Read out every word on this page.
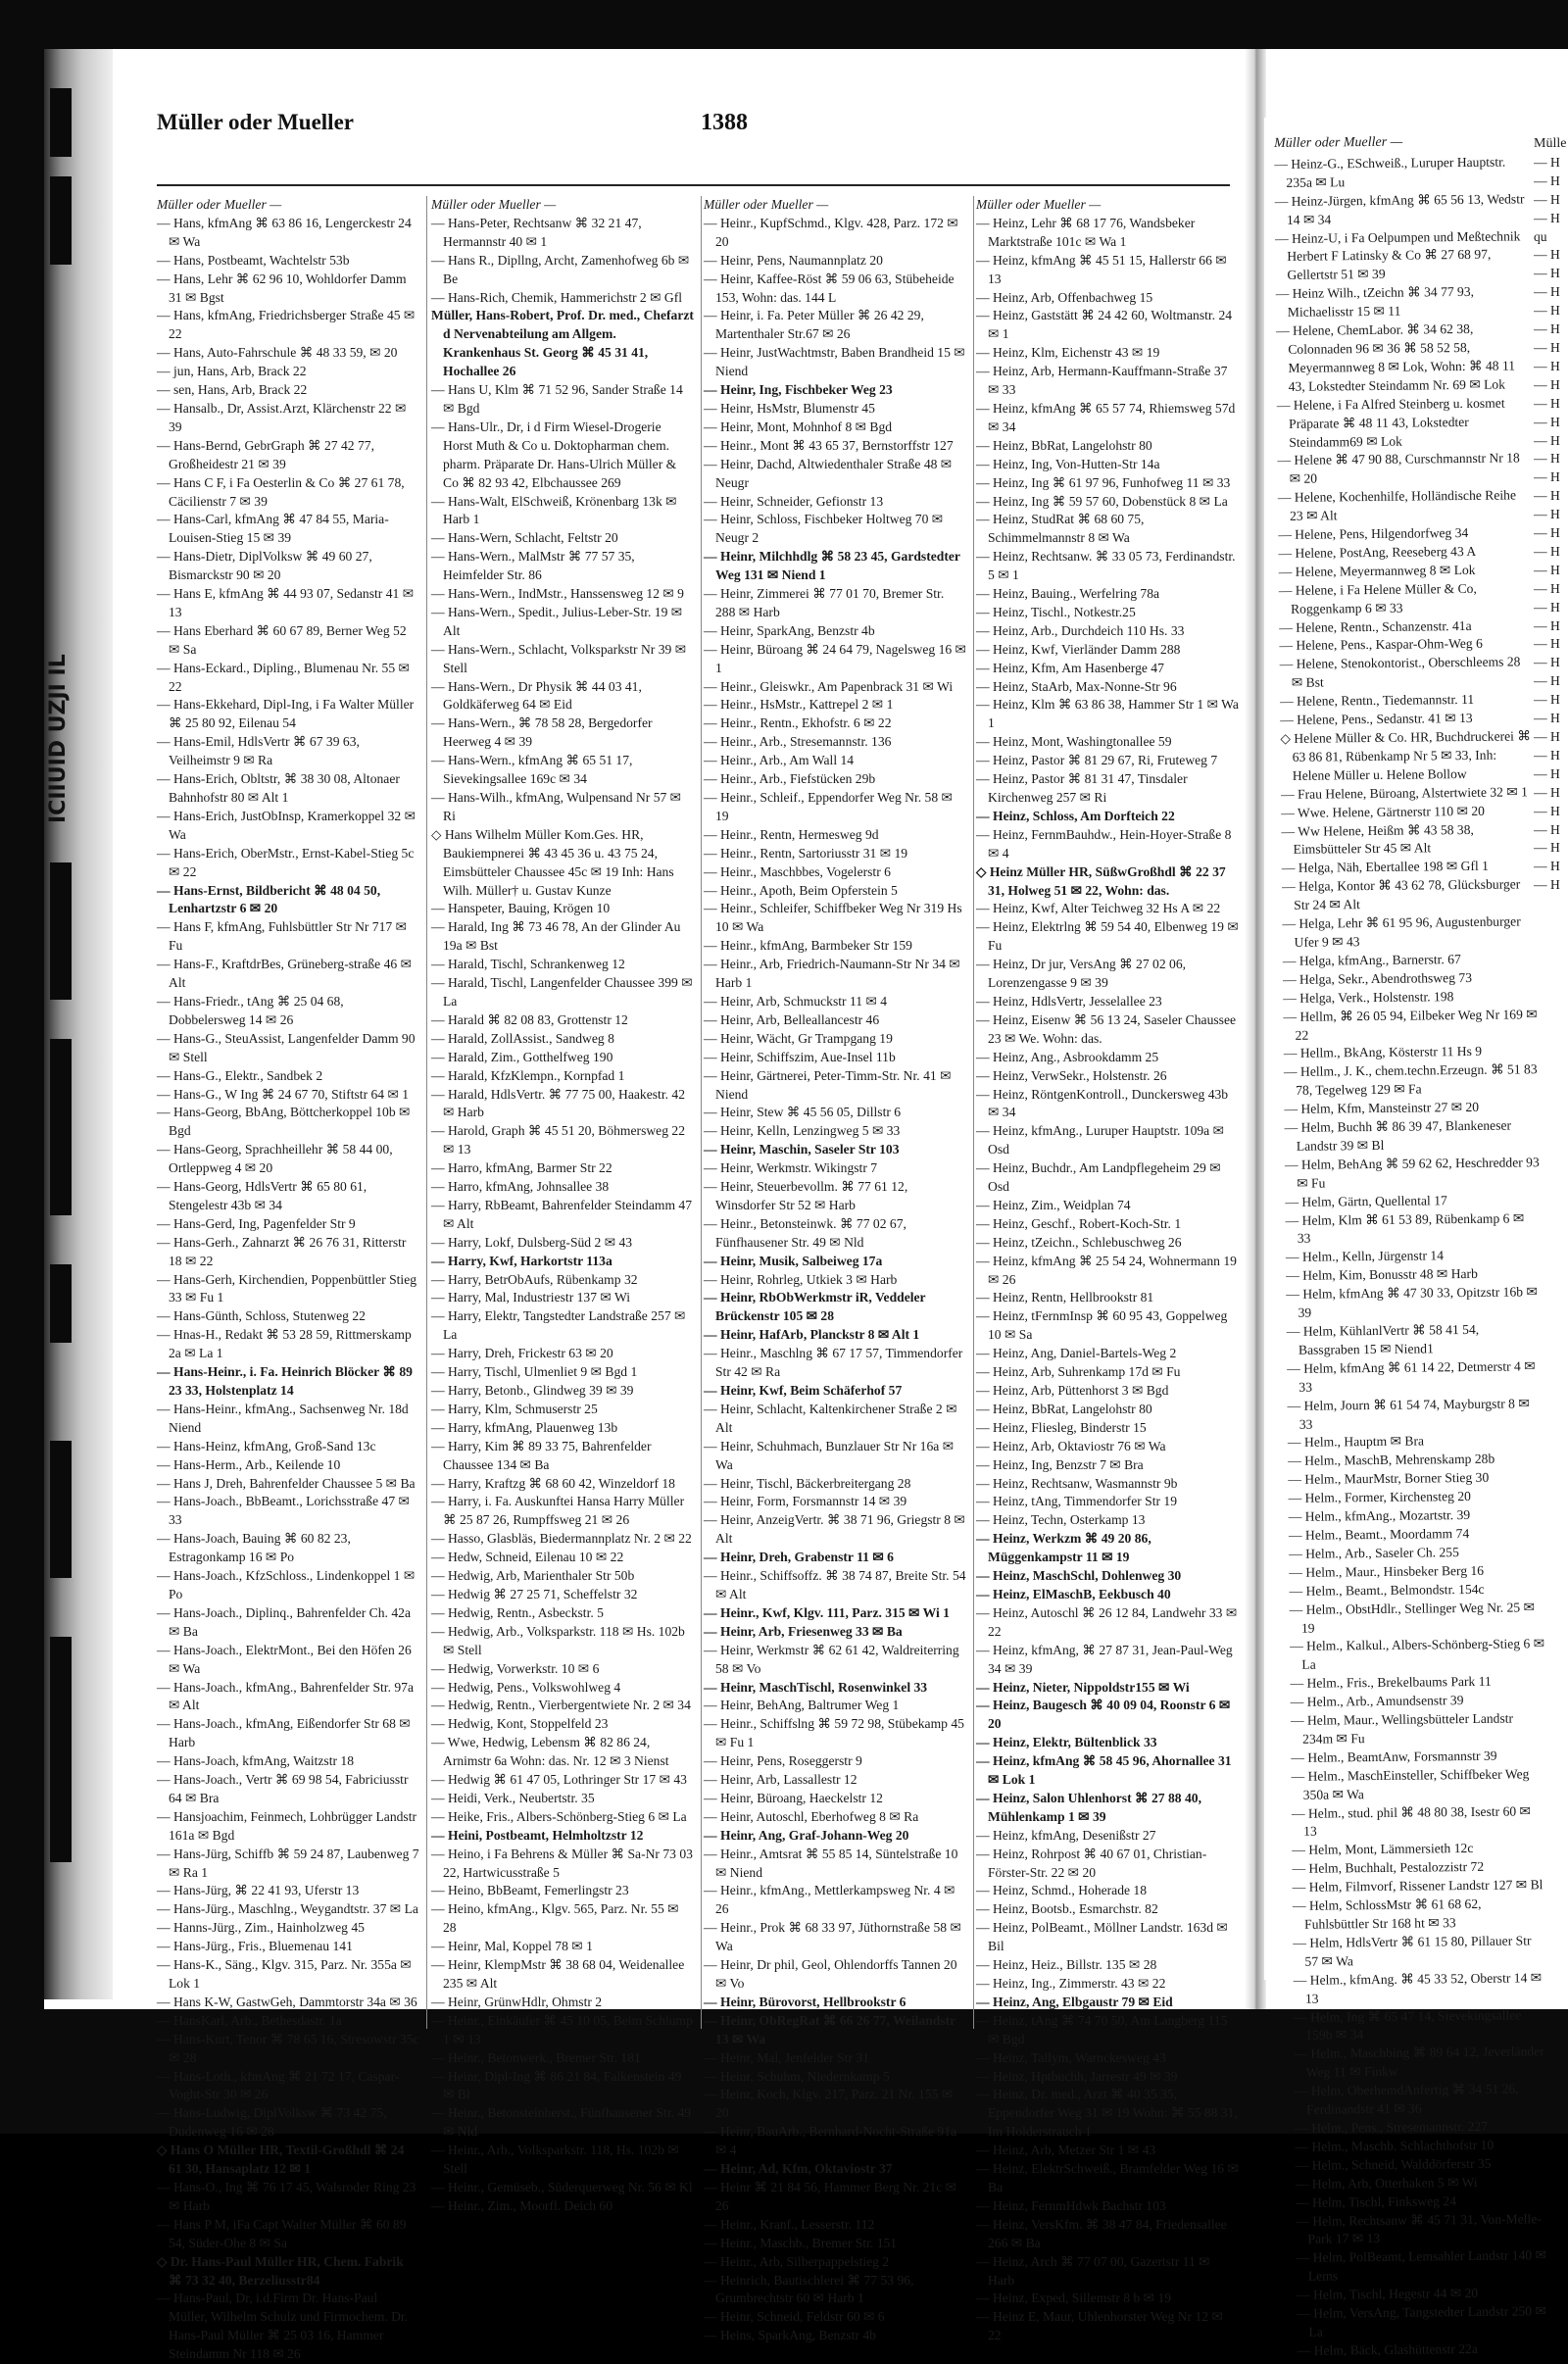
ICIIUID UZJI IL
Müller oder Mueller	1388
Müller oder Mueller —
— Hans, kfmAng ⌘ 63 86 16, Lengerckestr 24 ✉ Wa
— Hans, Postbeamt, Wachtelstr 53b
— Hans, Lehr ⌘ 62 96 10, Wohldorfer Damm 31 ✉ Bgst
— Hans, kfmAng, Friedrichsberger Straße 45 ✉ 22
— Hans, Auto-Fahrschule ⌘ 48 33 59, ✉ 20
— jun, Hans, Arb, Brack 22
— sen, Hans, Arb, Brack 22
— Hansalb., Dr, Assist.Arzt, Klärchenstr 22 ✉ 39
— Hans-Bernd, GebrGraph ⌘ 27 42 77, Großheidestr 21 ✉ 39
— Hans C F, i Fa Oesterlin & Co ⌘ 27 61 78, Cäcilienstr 7 ✉ 39
— Hans-Carl, kfmAng ⌘ 47 84 55, Maria-Louisen-Stieg 15 ✉ 39
— Hans-Dietr, DiplVolksw ⌘ 49 60 27, Bismarckstr 90 ✉ 20
— Hans E, kfmAng ⌘ 44 93 07, Sedanstr 41 ✉ 13
— Hans Eberhard ⌘ 60 67 89, Berner Weg 52 ✉ Sa
— Hans-Eckard., Dipling., Blumenau Nr. 55 ✉ 22
— Hans-Ekkehard, Dipl-Ing, i Fa Walter Müller ⌘ 25 80 92, Eilenau 54
— Hans-Emil, HdlsVertr ⌘ 67 39 63, Veilheimstr 9 ✉ Ra
— Hans-Erich, Obltstr, ⌘ 38 30 08, Altonaer Bahnhofstr 80 ✉ Alt 1
— Hans-Erich, JustObInsp, Kramerkoppel 32 ✉ Wa
— Hans-Erich, OberMstr., Ernst-Kabel-Stieg 5c ✉ 22
— Hans-Ernst, Bildbericht ⌘ 48 04 50, Lenhartzstr 6 ✉ 20
— Hans F, kfmAng, Fuhlsbüttler Str Nr 717 ✉ Fu
— Hans-F., KraftdrBes, Grüneberg-straße 46 ✉ Alt
— Hans-Friedr., tAng ⌘ 25 04 68, Dobbelersweg 14 ✉ 26
— Hans-G., SteuAssist, Langenfelder Damm 90 ✉ Stell
— Hans-G., Elektr., Sandbek 2
— Hans-G., W Ing ⌘ 24 67 70, Stiftstr 64 ✉ 1
— Hans-Georg, BbAng, Böttcherkoppel 10b ✉ Bgd
— Hans-Georg, Sprachheillehr ⌘ 58 44 00, Ortleppweg 4 ✉ 20
— Hans-Georg, HdlsVertr ⌘ 65 80 61, Stengelestr 43b ✉ 34
— Hans-Gerd, Ing, Pagenfelder Str 9
— Hans-Gerh., Zahnarzt ⌘ 26 76 31, Ritterstr 18 ✉ 22
— Hans-Gerh, Kirchendien, Poppenbüttler Stieg 33 ✉ Fu 1
— Hans-Günth, Schloss, Stutenweg 22
— Hnas-H., Redakt ⌘ 53 28 59, Rittmerskamp 2a ✉ La 1
— Hans-Heinr., i. Fa. Heinrich Blöcker ⌘ 89 23 33, Holstenplatz 14
— Hans-Heinr., kfmAng., Sachsenweg Nr. 18d Niend
— Hans-Heinz, kfmAng, Groß-Sand 13c
— Hans-Herm., Arb., Keilende 10
— Hans J, Dreh, Bahrenfelder Chaussee 5 ✉ Ba
— Hans-Joach., BbBeamt., Lorichsstraße 47 ✉ 33
— Hans-Joach, Bauing ⌘ 60 82 23, Estragonkamp 16 ✉ Po
— Hans-Joach., KfzSchloss., Lindenkoppel 1 ✉ Po
— Hans-Joach., Diplinq., Bahrenfelder Ch. 42a ✉ Ba
— Hans-Joach., ElektrMont., Bei den Höfen 26 ✉ Wa
— Hans-Joach., kfmAng., Bahrenfelder Str. 97a ✉ Alt
— Hans-Joach., kfmAng, Eißendorfer Str 68 ✉ Harb
— Hans-Joach, kfmAng, Waitzstr 18
— Hans-Joach., Vertr ⌘ 69 98 54, Fabriciusstr 64 ✉ Bra
— Hansjoachim, Feinmech, Lohbrügger Landstr 161a ✉ Bgd
— Hans-Jürg, Schiffb ⌘ 59 24 87, Laubenweg 7 ✉ Ra 1
— Hans-Jürg, ⌘ 22 41 93, Uferstr 13
— Hans-Jürg., Maschlng., Weygandtstr. 37 ✉ La
— Hanns-Jürg., Zim., Hainholzweg 45
— Hans-Jürg., Fris., Bluemenau 141
— Hans-K., Säng., Klgv. 315, Parz. Nr. 355a ✉ Lok 1
— Hans K-W, GastwGeh, Dammtorstr 34a ✉ 36
— HansKarl, Arb., Bethesdastr. 1a
— Hans-Kurt, Tenor ⌘ 78 65 16, Stresowstr 35c ✉ 28
— Hans-Loth., kfmAng ⌘ 21 72 17, Caspar-Voght-Str 30 ✉ 26
— Hans-Ludwig, DiplVolksw ⌘ 73 42 75, Dudenweg 16 ✉ 28
◇ Hans O Müller HR, Textil-Großhdl ⌘ 24 61 30, Hansaplatz 12 ✉ 1
— Hans-O., Ing ⌘ 76 17 45, Walsroder Ring 23 ✉ Harb
— Hans P M, iFa Capt Walter Müller ⌘ 60 89 54, Süder-Ohe 8 ✉ Sa
◇ Dr. Hans-Paul Müller HR, Chem. Fabrik ⌘ 73 32 40, Berzeliusstr84
— Hans-Paul, Dr, i.d.Firm Dr. Hans-Paul Müller, Wilhelm Schulz und Firmochem. Dr. Hans-Paul Müller ⌘ 25 03 16, Hammer Steindamm Nr 118 ✉ 26
Müller oder Mueller —
— Hans-Peter, Rechtsanw ⌘ 32 21 47, Hermannstr 40 ✉ 1
— Hans R., Dipllng, Archt, Zamenhofweg 6b ✉ Be
— Hans-Rich, Chemik, Hammerichstr 2 ✉ Gfl
Müller, Hans-Robert, Prof. Dr. med., Chefarzt d Nervenabteilung am Allgem. Krankenhaus St. Georg ⌘ 45 31 41, Hochallee 26
— Hans U, Klm ⌘ 71 52 96, Sander Straße 14 ✉ Bgd
— Hans-Ulr., Dr, i d Firm Wiesel-Drogerie Horst Muth & Co u. Doktopharman chem. pharm. Präparate Dr. Hans-Ulrich Müller & Co ⌘ 82 93 42, Elbchaussee 269
— Hans-Walt, ElSchweiß, Krönenbarg 13k ✉ Harb 1
— Hans-Wern, Schlacht, Feltstr 20
— Hans-Wern., MalMstr ⌘ 77 57 35, Heimfelder Str. 86
— Hans-Wern., IndMstr., Hanssensweg 12 ✉ 9
— Hans-Wern., Spedit., Julius-Leber-Str. 19 ✉ Alt
— Hans-Wern., Schlacht, Volksparkstr Nr 39 ✉ Stell
— Hans-Wern., Dr Physik ⌘ 44 03 41, Goldkäferweg 64 ✉ Eid
— Hans-Wern., ⌘ 78 58 28, Bergedorfer Heerweg 4 ✉ 39
— Hans-Wern., kfmAng ⌘ 65 51 17, Sievekingsallee 169c ✉ 34
— Hans-Wilh., kfmAng, Wulpensand Nr 57 ✉ Ri
◇ Hans Wilhelm Müller Kom.Ges. HR, Baukiempnerei ⌘ 43 45 36 u. 43 75 24, Eimsbütteler Chaussee 45c ✉ 19 Inh: Hans Wilh. Müller† u. Gustav Kunze
— Hanspeter, Bauing, Krögen 10
— Harald, Ing ⌘ 73 46 78, An der Glinder Au 19a ✉ Bst
— Harald, Tischl, Schrankenweg 12
— Harald, Tischl, Langenfelder Chaussee 399 ✉ La
— Harald ⌘ 82 08 83, Grottenstr 12
— Harald, ZollAssist., Sandweg 8
— Harald, Zim., Gotthelfweg 190
— Harald, KfzKlempn., Kornpfad 1
— Harald, HdlsVertr. ⌘ 77 75 00, Haakestr. 42 ✉ Harb
— Harold, Graph ⌘ 45 51 20, Böhmersweg 22 ✉ 13
— Harro, kfmAng, Barmer Str 22
— Harro, kfmAng, Johnsallee 38
— Harry, RbBeamt, Bahrenfelder Steindamm 47 ✉ Alt
— Harry, Lokf, Dulsberg-Süd 2 ✉ 43
— Harry, Kwf, Harkortstr 113a
— Harry, BetrObAufs, Rübenkamp 32
— Harry, Mal, Industriestr 137 ✉ Wi
— Harry, Elektr, Tangstedter Landstraße 257 ✉ La
— Harry, Dreh, Frickestr 63 ✉ 20
— Harry, Tischl, Ulmenliet 9 ✉ Bgd 1
— Harry, Betonb., Glindweg 39 ✉ 39
— Harry, Klm, Schmuserstr 25
— Harry, kfmAng, Plauenweg 13b
— Harry, Kim ⌘ 89 33 75, Bahrenfelder Chaussee 134 ✉ Ba
— Harry, Kraftzg ⌘ 68 60 42, Winzeldorf 18
— Harry, i. Fa. Auskunftei Hansa Harry Müller ⌘ 25 87 26, Rumpffsweg 21 ✉ 26
— Hasso, Glasbläs, Biedermannplatz Nr. 2 ✉ 22
— Hedw, Schneid, Eilenau 10 ✉ 22
— Hedwig, Arb, Marienthaler Str 50b
— Hedwig ⌘ 27 25 71, Scheffelstr 32
— Hedwig, Rentn., Asbeckstr. 5
— Hedwig, Arb., Volksparkstr. 118 ✉ Hs. 102b ✉ Stell
— Hedwig, Vorwerkstr. 10 ✉ 6
— Hedwig, Pens., Volkswohlweg 4
— Hedwig, Rentn., Vierbergentwiete Nr. 2 ✉ 34
— Hedwig, Kont, Stoppelfeld 23
— Wwe, Hedwig, Lebensm ⌘ 82 86 24, Arnimstr 6a Wohn: das. Nr. 12 ✉ 3 Nienst
— Hedwig ⌘ 61 47 05, Lothringer Str 17 ✉ 43
— Heidi, Verk., Neubertstr. 35
— Heike, Fris., Albers-Schönberg-Stieg 6 ✉ La
— Heini, Postbeamt, Helmholtzstr 12
— Heino, i Fa Behrens & Müller ⌘ Sa-Nr 73 03 22, Hartwicusstraße 5
— Heino, BbBeamt, Femerlingstr 23
— Heino, kfmAng., Klgv. 565, Parz. Nr. 55 ✉ 28
— Heinr, Mal, Koppel 78 ✉ 1
— Heinr, KlempMstr ⌘ 38 68 04, Weidenallee 235 ✉ Alt
— Heinr, GrünwHdlr, Ohmstr 2
— Heinr., Einkäufer ⌘ 45 10 05, Beim Schlump 1 ✉ 13
— Heinr., Betonwerk., Bremer Str. 181
— Heinr, Dipl-Ing ⌘ 86 21 84, Falkenstein 49 ✉ Bl
— Heinr., Betonsteinherst., Fünfhausener Str. 49 ✉ Nld
— Heinr., Arb., Volksparkstr. 118, Hs. 102b ✉ Stell
— Heinr., Gemüseb., Süderquerweg Nr. 56 ✉ Kl
— Heinr., Zim., Moorfl. Deich 60
Müller oder Mueller —
— Heinr., KupfSchmd., Klgv. 428, Parz. 172 ✉ 20
— Heinr, Pens, Naumannplatz 20
— Heinr, Kaffee-Röst ⌘ 59 06 63, Stübeheide 153, Wohn: das. 144 L
— Heinr, i. Fa. Peter Müller ⌘ 26 42 29, Martenthaler Str.67 ✉ 26
— Heinr, JustWachtmstr, Baben Brandheid 15 ✉ Niend
— Heinr, Ing, Fischbeker Weg 23
— Heinr, HsMstr, Blumenstr 45
— Heinr, Mont, Mohnhof 8 ✉ Bgd
— Heinr., Mont ⌘ 43 65 37, Bernstorffstr 127
— Heinr, Dachd, Altwiedenthaler Straße 48 ✉ Neugr
— Heinr, Schneider, Gefionstr 13
— Heinr, Schloss, Fischbeker Holtweg 70 ✉ Neugr 2
— Heinr, Milchhdlg ⌘ 58 23 45, Gardstedter Weg 131 ✉ Niend 1
— Heinr, Zimmerei ⌘ 77 01 70, Bremer Str. 288 ✉ Harb
— Heinr, SparkAng, Benzstr 4b
— Heinr, Büroang ⌘ 24 64 79, Nagelsweg 16 ✉ 1
— Heinr., Gleiswkr., Am Papenbrack 31 ✉ Wi
— Heinr., HsMstr., Kattrepel 2 ✉ 1
— Heinr., Rentn., Ekhofstr. 6 ✉ 22
— Heinr., Arb., Stresemannstr. 136
— Heinr., Arb., Am Wall 14
— Heinr., Arb., Fiefstücken 29b
— Heinr., Schleif., Eppendorfer Weg Nr. 58 ✉ 19
— Heinr., Rentn, Hermesweg 9d
— Heinr., Rentn, Sartoriusstr 31 ✉ 19
— Heinr., Maschbbes, Vogelerstr 6
— Heinr., Apoth, Beim Opferstein 5
— Heinr., Schleifer, Schiffbeker Weg Nr 319 Hs 10 ✉ Wa
— Heinr., kfmAng, Barmbeker Str 159
— Heinr., Arb, Friedrich-Naumann-Str Nr 34 ✉ Harb 1
— Heinr, Arb, Schmuckstr 11 ✉ 4
— Heinr, Arb, Belleallancestr 46
— Heinr, Wächt, Gr Trampgang 19
— Heinr, Schiffszim, Aue-Insel 11b
— Heinr, Gärtnerei, Peter-Timm-Str. Nr. 41 ✉ Niend
— Heinr, Stew ⌘ 45 56 05, Dillstr 6
— Heinr, Kelln, Lenzingweg 5 ✉ 33
— Heinr, Maschin, Saseler Str 103
— Heinr, Werkmstr. Wikingstr 7
— Heinr, Steuerbevollm. ⌘ 77 61 12, Winsdorfer Str 52 ✉ Harb
— Heinr., Betonsteinwk. ⌘ 77 02 67, Fünfhausener Str. 49 ✉ Nld
— Heinr, Musik, Salbeiweg 17a
— Heinr, Rohrleg, Utkiek 3 ✉ Harb
— Heinr, RbObWerkmstr iR, Veddeler Brückenstr 105 ✉ 28
— Heinr, HafArb, Planckstr 8 ✉ Alt 1
— Heinr., Maschlng ⌘ 67 17 57, Timmendorfer Str 42 ✉ Ra
— Heinr, Kwf, Beim Schäferhof 57
— Heinr, Schlacht, Kaltenkirchener Straße 2 ✉ Alt
— Heinr, Schuhmach, Bunzlauer Str Nr 16a ✉ Wa
— Heinr, Tischl, Bäckerbreitergang 28
— Heinr, Form, Forsmannstr 14 ✉ 39
— Heinr, AnzeigVertr. ⌘ 38 71 96, Griegstr 8 ✉ Alt
— Heinr, Dreh, Grabenstr 11 ✉ 6
— Heinr., Schiffsoffz. ⌘ 38 74 87, Breite Str. 54 ✉ Alt
— Heinr., Kwf, Klgv. 111, Parz. 315 ✉ Wi 1
— Heinr, Arb, Friesenweg 33 ✉ Ba
— Heinr, Werkmstr ⌘ 62 61 42, Waldreiterring 58 ✉ Vo
— Heinr, MaschTischl, Rosenwinkel 33
— Heinr, BehAng, Baltrumer Weg 1
— Heinr., Schiffslng ⌘ 59 72 98, Stübekamp 45 ✉ Fu 1
— Heinr, Pens, Roseggerstr 9
— Heinr, Arb, Lassallestr 12
— Heinr, Büroang, Haeckelstr 12
— Heinr, Autoschl, Eberhofweg 8 ✉ Ra
— Heinr, Ang, Graf-Johann-Weg 20
— Heinr., Amtsrat ⌘ 55 85 14, Süntelstraße 10 ✉ Niend
— Heinr., kfmAng., Mettlerkampsweg Nr. 4 ✉ 26
— Heinr., Prok ⌘ 68 33 97, Jüthornstraße 58 ✉ Wa
— Heinr, Dr phil, Geol, Ohlendorffs Tannen 20 ✉ Vo
— Heinr, Bürovorst, Hellbrookstr 6
— Heinr, ObRegRat ⌘ 66 26 77, Weilandstr 13 ✉ Wa
— Heinr, Mal, Jenfelder Str 31
— Heinr, Schuhm, Niedernkamp 5
— Heinr, Koch, Klgv. 217, Parz. 21 Nr. 155 ✉ 20
— Heinr, BauArb., Bernhard-Nocht-Straße 91a ✉ 4
— Heinr, Ad, Kfm, Oktaviostr 37
— Heinr ⌘ 21 84 56, Hammer Berg Nr. 21c ✉ 26
— Heinr., Kranf., Lesserstr. 112
— Heinr., Maschb., Bremer Str. 151
— Heinr., Arb, Silberpappelstieg 2
— Heinrich, Bautischlerei ⌘ 77 53 96, Grumbrechtstr 60 ✉ Harb 1
— Heinr, Schneid, Feldstr 60 ✉ 6
— Heins, SparkAng, Benzstr 4b
Müller oder Mueller —
— Heinz, Lehr ⌘ 68 17 76, Wandsbeker Marktstraße 101c ✉ Wa 1
— Heinz, kfmAng ⌘ 45 51 15, Hallerstr 66 ✉ 13
— Heinz, Arb, Offenbachweg 15
— Heinz, Gaststätt ⌘ 24 42 60, Woltmanstr. 24 ✉ 1
— Heinz, Klm, Eichenstr 43 ✉ 19
— Heinz, Arb, Hermann-Kauffmann-Straße 37 ✉ 33
— Heinz, kfmAng ⌘ 65 57 74, Rhiemsweg 57d ✉ 34
— Heinz, BbRat, Langelohstr 80
— Heinz, Ing, Von-Hutten-Str 14a
— Heinz, Ing ⌘ 61 97 96, Funhofweg 11 ✉ 33
— Heinz, Ing ⌘ 59 57 60, Dobenstück 8 ✉ La
— Heinz, StudRat ⌘ 68 60 75, Schimmelmannstr 8 ✉ Wa
— Heinz, Rechtsanw. ⌘ 33 05 73, Ferdinandstr. 5 ✉ 1
— Heinz, Bauing., Werfelring 78a
— Heinz, Tischl., Notkestr.25
— Heinz, Arb., Durchdeich 110 Hs. 33
— Heinz, Kwf, Vierländer Damm 288
— Heinz, Kfm, Am Hasenberge 47
— Heinz, StaArb, Max-Nonne-Str 96
— Heinz, Klm ⌘ 63 86 38, Hammer Str 1 ✉ Wa 1
— Heinz, Mont, Washingtonallee 59
— Heinz, Pastor ⌘ 81 29 67, Ri, Fruteweg 7
— Heinz, Pastor ⌘ 81 31 47, Tinsdaler Kirchenweg 257 ✉ Ri
— Heinz, Schloss, Am Dorfteich 22
— Heinz, FernmBauhdw., Hein-Hoyer-Straße 8 ✉ 4
◇ Heinz Müller HR, SüßwGroßhdl ⌘ 22 37 31, Holweg 51 ✉ 22, Wohn: das.
— Heinz, Kwf, Alter Teichweg 32 Hs A ✉ 22
— Heinz, Elektrlng ⌘ 59 54 40, Elbenweg 19 ✉ Fu
— Heinz, Dr jur, VersAng ⌘ 27 02 06, Lorenzengasse 9 ✉ 39
— Heinz, HdlsVertr, Jesselallee 23
— Heinz, Eisenw ⌘ 56 13 24, Saseler Chaussee 23 ✉ We. Wohn: das.
— Heinz, Ang., Asbrookdamm 25
— Heinz, VerwSekr., Holstenstr. 26
— Heinz, RöntgenKontroll., Dunckersweg 43b ✉ 34
— Heinz, kfmAng., Luruper Hauptstr. 109a ✉ Osd
— Heinz, Buchdr., Am Landpflegeheim 29 ✉ Osd
— Heinz, Zim., Weidplan 74
— Heinz, Geschf., Robert-Koch-Str. 1
— Heinz, tZeichn., Schlebuschweg 26
— Heinz, kfmAng ⌘ 25 54 24, Wohnermann 19 ✉ 26
— Heinz, Rentn, Hellbrookstr 81
— Heinz, tFernmInsp ⌘ 60 95 43, Goppelweg 10 ✉ Sa
— Heinz, Ang, Daniel-Bartels-Weg 2
— Heinz, Arb, Suhrenkamp 17d ✉ Fu
— Heinz, Arb, Püttenhorst 3 ✉ Bgd
— Heinz, BbRat, Langelohstr 80
— Heinz, Fliesleg, Binderstr 15
— Heinz, Arb, Oktaviostr 76 ✉ Wa
— Heinz, Ing, Benzstr 7 ✉ Bra
— Heinz, Rechtsanw, Wasmannstr 9b
— Heinz, tAng, Timmendorfer Str 19
— Heinz, Techn, Osterkamp 13
— Heinz, Werkzm ⌘ 49 20 86, Müggenkampstr 11 ✉ 19
— Heinz, MaschSchl, Dohlenweg 30
— Heinz, ElMaschB, Eekbusch 40
— Heinz, Autoschl ⌘ 26 12 84, Landwehr 33 ✉ 22
— Heinz, kfmAng, ⌘ 27 87 31, Jean-Paul-Weg 34 ✉ 39
— Heinz, Nieter, Nippoldstr155 ✉ Wi
— Heinz, Baugesch ⌘ 40 09 04, Roonstr 6 ✉ 20
— Heinz, Elektr, Bültenblick 33
— Heinz, kfmAng ⌘ 58 45 96, Ahornallee 31 ✉ Lok 1
— Heinz, Salon Uhlenhorst ⌘ 27 88 40, Mühlenkamp 1 ✉ 39
— Heinz, kfmAng, Desenißstr 27
— Heinz, Rohrpost ⌘ 40 67 01, Christian-Förster-Str. 22 ✉ 20
— Heinz, Schmd., Hoherade 18
— Heinz, Bootsb., Esmarchstr. 82
— Heinz, PolBeamt., Möllner Landstr. 163d ✉ Bil
— Heinz, Heiz., Billstr. 135 ✉ 28
— Heinz, Ing., Zimmerstr. 43 ✉ 22
— Heinz, Ang, Elbgaustr 79 ✉ Eid
— Heinz, tAng ⌘ 74 70 50, Am Langberg 115 ✉ Bgd
— Heinz, Tallym, Warnckesweg 43
— Heinz, Hptbuchh, Jarrestr 49 ✉ 39
— Heinz, Dr. med., Arzt ⌘ 40 35 35, Eppendorfer Weg 31 ✉ 19 Wohn: ⌘ 55 88 31, Im Holderstrauch 1
— Heinz, Arb, Metzer Str 1 ✉ 43
— Heinz, ElektrSchweiß., Bramfelder Weg 16 ✉ Ba
— Heinz, FernmHdwk Bachstr 103
— Heinz, VersKfm. ⌘ 38 47 84, Friedensallee 266 ✉ Ba
— Heinz, Arch ⌘ 77 07 00, Gazertstr 11 ✉ Harb
— Heinz, Exped, Sillemstr 8 b ✉ 19
— Heinz E, Maur, Uhlenhorster Weg Nr 12 ✉ 22
Müller oder Mueller —
— Heinz-G., ESchweiß., Luruper Hauptstr. 235a ✉ Lu
— Heinz-Jürgen, kfmAng ⌘ 65 56 13, Wedstr 14 ✉ 34
— Heinz-U, i Fa Oelpumpen und Meßtechnik Herbert F Latinsky & Co ⌘ 27 68 97, Gellertstr 51 ✉ 39
— Heinz Wilh., tZeichn ⌘ 34 77 93, Michaelisstr 15 ✉ 11
— Helene, ChemLabor. ⌘ 34 62 38, Colonnaden 96 ✉ 36 ⌘ 58 52 58, Meyermannweg 8 ✉ Lok, Wohn: ⌘ 48 11 43, Lokstedter Steindamm Nr. 69 ✉ Lok
— Helene, i Fa Alfred Steinberg u. kosmet Präparate ⌘ 48 11 43, Lokstedter Steindamm69 ✉ Lok
— Helene ⌘ 47 90 88, Curschmannstr Nr 18 ✉ 20
— Helene, Kochenhilfe, Holländische Reihe 23 ✉ Alt
— Helene, Pens, Hilgendorfweg 34
— Helene, PostAng, Reeseberg 43 A
— Helene, Meyermannweg 8 ✉ Lok
— Helene, i Fa Helene Müller & Co, Roggenkamp 6 ✉ 33
— Helene, Rentn., Schanzenstr. 41a
— Helene, Pens., Kaspar-Ohm-Weg 6
— Helene, Stenokontorist., Oberschleems 28 ✉ Bst
— Helene, Rentn., Tiedemannstr. 11
— Helene, Pens., Sedanstr. 41 ✉ 13
◇ Helene Müller & Co. HR, Buchdruckerei ⌘ 63 86 81, Rübenkamp Nr 5 ✉ 33, Inh: Helene Müller u. Helene Bollow
— Frau Helene, Büroang, Alstertwiete 32 ✉ 1
— Wwe. Helene, Gärtnerstr 110 ✉ 20
— Ww Helene, Heißm ⌘ 43 58 38, Eimsbütteler Str 45 ✉ Alt
— Helga, Näh, Ebertallee 198 ✉ Gfl 1
— Helga, Kontor ⌘ 43 62 78, Glücksburger Str 24 ✉ Alt
— Helga, Lehr ⌘ 61 95 96, Augustenburger Ufer 9 ✉ 43
— Helga, kfmAng., Barnerstr. 67
— Helga, Sekr., Abendrothsweg 73
— Helga, Verk., Holstenstr. 198
— Hellm, ⌘ 26 05 94, Eilbeker Weg Nr 169 ✉ 22
— Hellm., BkAng, Kösterstr 11 Hs 9
— Hellm., J. K., chem.techn.Erzeugn. ⌘ 51 83 78, Tegelweg 129 ✉ Fa
— Helm, Kfm, Mansteinstr 27 ✉ 20
— Helm, Buchh ⌘ 86 39 47, Blankeneser Landstr 39 ✉ Bl
— Helm, BehAng ⌘ 59 62 62, Heschredder 93 ✉ Fu
— Helm, Gärtn, Quellental 17
— Helm, Klm ⌘ 61 53 89, Rübenkamp 6 ✉ 33
— Helm., Kelln, Jürgenstr 14
— Helm, Kim, Bonusstr 48 ✉ Harb
— Helm, kfmAng ⌘ 47 30 33, Opitzstr 16b ✉ 39
— Helm, KühlanlVertr ⌘ 58 41 54, Bassgraben 15 ✉ Niend1
— Helm, kfmAng ⌘ 61 14 22, Detmerstr 4 ✉ 33
— Helm, Journ ⌘ 61 54 74, Mayburgstr 8 ✉ 33
— Helm., Hauptm ✉ Bra
— Helm., MaschB, Mehrenskamp 28b
— Helm., MaurMstr, Borner Stieg 30
— Helm., Former, Kirchensteg 20
— Helm., kfmAng., Mozartstr. 39
— Helm., Beamt., Moordamm 74
— Helm., Arb., Saseler Ch. 255
— Helm., Maur., Hinsbeker Berg 16
— Helm., Beamt., Belmondstr. 154c
— Helm., ObstHdlr., Stellinger Weg Nr. 25 ✉ 19
— Helm., Kalkul., Albers-Schönberg-Stieg 6 ✉ La
— Helm., Fris., Brekelbaums Park 11
— Helm., Arb., Amundsenstr 39
— Helm, Maur., Wellingsbütteler Landstr 234m ✉ Fu
— Helm., BeamtAnw, Forsmannstr 39
— Helm., MaschEinsteller, Schiffbeker Weg 350a ✉ Wa
— Helm., stud. phil ⌘ 48 80 38, Isestr 60 ✉ 13
— Helm, Mont, Lämmersieth 12c
— Helm, Buchhalt, Pestalozzistr 72
— Helm, Filmvorf, Rissener Landstr 127 ✉ Bl
— Helm, SchlossMstr ⌘ 61 68 62, Fuhlsbüttler Str 168 ht ✉ 33
— Helm, HdlsVertr ⌘ 61 15 80, Pillauer Str 57 ✉ Wa
— Helm., kfmAng. ⌘ 45 33 52, Oberstr 14 ✉ 13
— Helm, Ing ⌘ 65 47 14, Sievekingsallee 159b ✉ 34
— Helm., Maschbing ⌘ 89 64 12, Jeverländer Weg 11 ✉ Finkw
— Helm, OberhemdAnfertig ⌘ 34 51 26, Ferdinandstr 41 ✉ 36
— Helm., Pens., Stresemannstr. 227
— Helm., Maschb. Schlachthofstr 10
— Helm., Schneid, Walddörferstr 35
— Helm, Arb, Otterhaken 5 ✉ Wi
— Helm, Tischl, Finksweg 24
— Helm, Rechtsanw ⌘ 45 71 31, Von-Melle-Park 17 ✉ 13
— Helm, PolBeamt, Lemsahler Landstr 140 ✉ Lems
— Helm, Tischl, Hegestr 44 ✉ 20
— Helm, VersAng, Tangstedter Landstr 250 ✉ La
— Helm, Bäck, Glashüttenstr 22a
Mülle
— H
— H
— H
— H
qu
— H
— H
— H
— H
— H
— H
— H
— H
— H
— H
— H
— H
— H
— H
— H
— H
— H
— H
— H
— H
— H
— H
— H
— H
— H
— H
— H
— H
— H
— H
— H
— H
— H
— H
— H
